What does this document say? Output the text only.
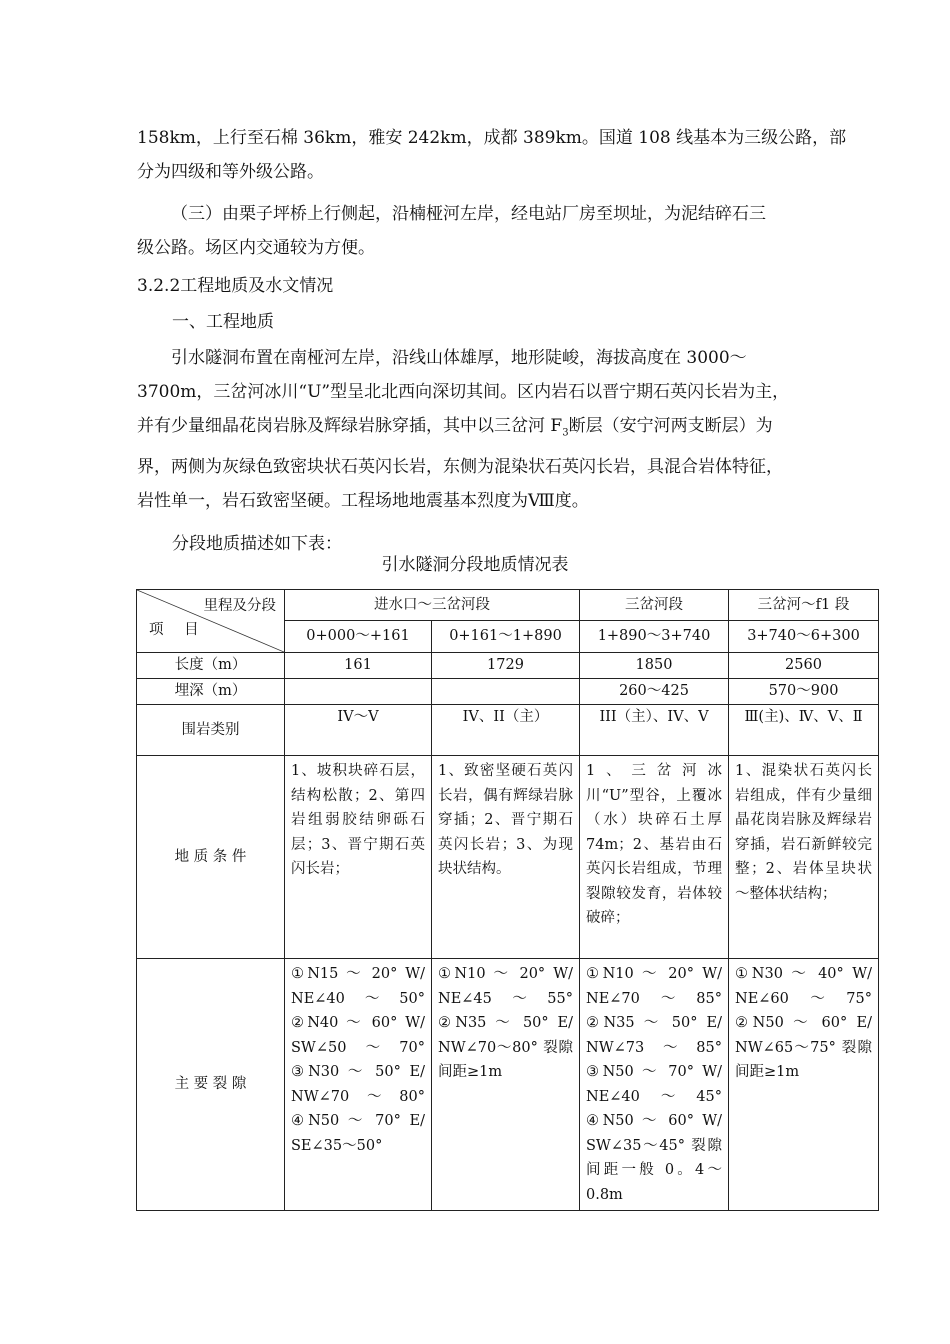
158km，上行至石棉 36km，雅安 242km，成都 389km。国道 108 线基本为三级公路，部
分为四级和等外级公路。
（三）由栗子坪桥上行侧起，沿楠桠河左岸，经电站厂房至坝址，为泥结碎石三
级公路。场区内交通较为方便。
3.2.2工程地质及水文情况
一、工程地质
引水隧洞布置在南桠河左岸，沿线山体雄厚，地形陡峻，海拔高度在 3000～
3700m，三岔河冰川“U”型呈北北西向深切其间。区内岩石以晋宁期石英闪长岩为主，
并有少量细晶花岗岩脉及辉绿岩脉穿插，其中以三岔河 $F_3$断层（安宁河两支断层）为
界，两侧为灰绿色致密块状石英闪长岩，东侧为混染状石英闪长岩，具混合岩体特征，
岩性单一，岩石致密坚硬。工程场地地震基本烈度为Ⅷ度。
分段地质描述如下表：
引水隧洞分段地质情况表
里程及分段
项 目	进水口～三岔河段		三岔河段	三岔河～f1 段
	0+000～+161	0+161～1+890	1+890～3+740	3+740～6+300
长度（m）	161	1729	1850	2560
埋深（m）			260～425	570～900
围岩类别	IV～V	IV、II（主）	III（主）、IV、V	Ⅲ(主)、Ⅳ、Ⅴ、Ⅱ
地 质 条 件	1、坡积块碎石层，结构松散；2、第四岩组弱胶结卵砾石层；3、晋宁期石英闪长岩；	1、致密坚硬石英闪长岩，偶有辉绿岩脉穿插；2、晋宁期石英闪长岩；3、为现块状结构。	1、三岔河冰川“U”型谷，上覆冰（水）块碎石土厚74m；2、基岩由石英闪长岩组成，节理裂隙较发育，岩体较破碎；	1、混染状石英闪长岩组成，伴有少量细晶花岗岩脉及辉绿岩穿插，岩石新鲜较完整；2、岩体呈块状～整体状结构；
主 要 裂 隙	①N15 ～ 20° W/ NE∠40～50° ②N40 ～ 60° W/ SW∠50～70° ③N30 ～ 50° E/ NW∠70～80° ④N50 ～ 70° E/ SE∠35～50°	①N10 ～ 20° W/ NE∠45～55° ②N35 ～ 50° E/ NW∠70～80° 裂隙间距≥1m	①N10 ～ 20° W/ NE∠70～85° ②N35 ～ 50° E/ NW∠73～85° ③N50 ～ 70° W/ NE∠40～45° ④N50 ～ 60° W/ SW∠35～45° 裂隙间距一般 0。4～0.8m	①N30 ～ 40° W/ NE∠60～75° ②N50 ～ 60° E/ NW∠65～75° 裂隙间距≥1m
